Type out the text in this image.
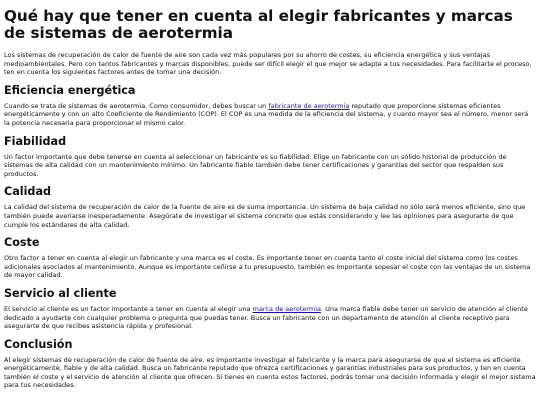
Qué hay que tener en cuenta al elegir fabricantes y marcas de sistemas de aerotermia

Los sistemas de recuperación de calor de fuente de aire son cada vez más populares por su ahorro de costes, su eficiencia energética y sus ventajas medioambientales. Pero con tantos fabricantes y marcas disponibles, puede ser difícil elegir el que mejor se adapte a tus necesidades. Para facilitarte el proceso, ten en cuenta los siguientes factores antes de tomar una decisión.

Eficiencia energética

Cuando se trata de sistemas de aerotermia. Como consumidor, debes buscar un fabricante de aerotermia reputado que proporcione sistemas eficientes energéticamente y con un alto Coeficiente de Rendimiento (COP). El COP es una medida de la eficiencia del sistema, y cuanto mayor sea el número, menor será la potencia necesaria para proporcionar el mismo calor.

Fiabilidad

Un factor importante que debe tenerse en cuenta al seleccionar un fabricante es su fiabilidad. Elige un fabricante con un sólido historial de producción de sistemas de alta calidad con un mantenimiento mínimo. Un fabricante fiable también debe tener certificaciones y garantías del sector que respalden sus productos.

Calidad

La calidad del sistema de recuperación de calor de la fuente de aire es de suma importancia. Un sistema de baja calidad no sólo será menos eficiente, sino que también puede averiarse inesperadamente. Asegúrate de investigar el sistema concreto que estás considerando y lee las opiniones para asegurarte de que cumple los estándares de alta calidad.

Coste

Otro factor a tener en cuenta al elegir un fabricante y una marca es el coste. Es importante tener en cuenta tanto el coste inicial del sistema como los costes adicionales asociados al mantenimiento. Aunque es importante ceñirse a tu presupuesto, también es importante sopesar el coste con las ventajas de un sistema de mayor calidad.

Servicio al cliente

El servicio al cliente es un factor importante a tener en cuenta al elegir una marca de aerotermia. Una marca fiable debe tener un servicio de atención al cliente dedicado a ayudarte con cualquier problema o pregunta que puedas tener. Busca un fabricante con un departamento de atención al cliente receptivo para asegurarte de que recibes asistencia rápida y profesional.

Conclusión

Al elegir sistemas de recuperación de calor de fuente de aire, es importante investigar el fabricante y la marca para asegurarse de que el sistema es eficiente energéticamente, fiable y de alta calidad. Busca un fabricante reputado que ofrezca certificaciones y garantías industriales para sus productos, y ten en cuenta también el coste y el servicio de atención al cliente que ofrecen. Si tienes en cuenta estos factores, podrás tomar una decisión informada y elegir el mejor sistema para tus necesidades.
